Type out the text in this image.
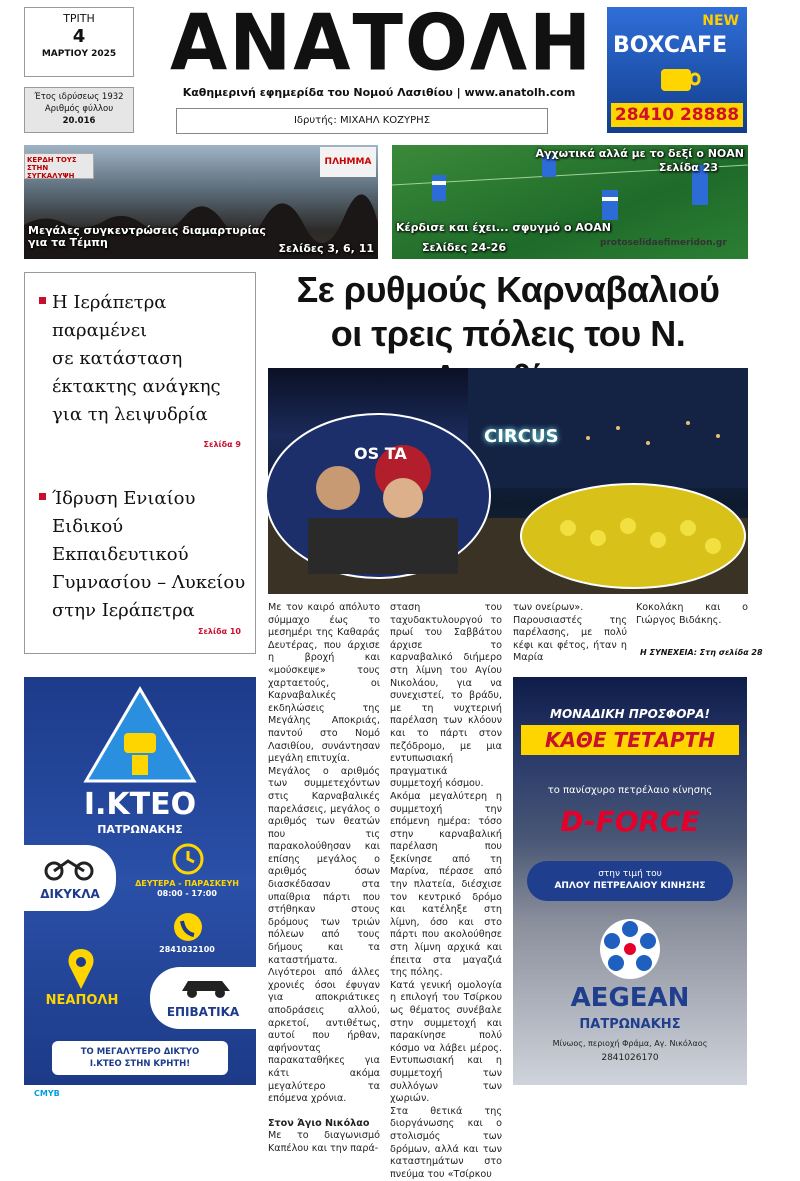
ΤΡΙΤΗ
4
ΜΑΡΤΙΟΥ 2025
Έτος ιδρύσεως 1932
Αριθμός φύλλου
20.016
ΑΝΑΤΟΛΗ
Καθημερινή εφημερίδα του Νομού Λασιθίου | www.anatolh.com
Ιδρυτής: ΜΙΧΑΗΛ ΚΟΖΥΡΗΣ
NEW
BOXCAFE
28410 28888
ΚΕΡΔΗ ΤΟΥΣ
ΣΤΗΝ ΣΥΓΚΑΛΥΨΗ
ΠΛΗΜΜΑ
Μεγάλες συγκεντρώσεις διαμαρτυρίας
για τα Τέμπη	Σελίδες 3, 6, 11
Αγχωτικά αλλά με το δεξί ο ΝΟΑΝ
Σελίδα 23
Κέρδισε και έχει... σφυγμό ο ΑΟΑΝ
Σελίδες 24-26	protoselidaefimeridon.gr
Η Ιεράπετρα
παραμένει
σε κατάσταση
έκτακτης ανάγκης
για τη λειψυδρία
Σελίδα 9
Ίδρυση Ενιαίου
Ειδικού
Εκπαιδευτικού
Γυμνασίου – Λυκείου
στην Ιεράπετρα
Σελίδα 10
Σε ρυθμούς Καρναβαλιού
οι τρεις πόλεις του Ν.
CIRCUS
OS TA
Με τον καιρό απόλυτο σύμμαχο έως το μεσημέρι της Καθαράς Δευτέρας, που άρχισε η βροχή και «μούσκεψε» τους χαρταετούς, οι Καρναβαλικές εκδηλώσεις της Μεγάλης Αποκριάς, παντού στο Νομό Λασιθίου, συνάντησαν μεγάλη επιτυχία.
Μεγάλος ο αριθμός των συμμετεχόντων στις Καρναβαλικές παρελάσεις, μεγάλος ο αριθμός των θεατών που τις παρακολούθησαν και επίσης μεγάλος ο αριθμός όσων διασκέδασαν στα υπαίθρια πάρτι που στήθηκαν στους δρόμους των τριών πόλεων από τους δήμους και τα καταστήματα.
Λιγότεροι από άλλες χρονιές όσοι έφυγαν για αποκριάτικες αποδράσεις αλλού, αρκετοί, αντιθέτως, αυτοί που ήρθαν, αφήνοντας παρακαταθήκες για κάτι ακόμα μεγαλύτερο τα επόμενα χρόνια.
Στον Άγιο Νικόλαο
Με το διαγωνισμό Καπέλου και την παρά-
σταση του ταχυδακτυλουργού το πρωί του Σαββάτου άρχισε το καρναβαλικό διήμερο στη λίμνη του Αγίου Νικολάου, για να συνεχιστεί, το βράδυ, με τη νυχτερινή παρέλαση των κλόουν και το πάρτι στον πεζόδρομο, με μια εντυπωσιακή πραγματικά συμμετοχή κόσμου.
Ακόμα μεγαλύτερη η συμμετοχή την επόμενη ημέρα: τόσο στην καρναβαλική παρέλαση που ξεκίνησε από τη Μαρίνα, πέρασε από την πλατεία, διέσχισε τον κεντρικό δρόμο και κατέληξε στη λίμνη, όσο και στο πάρτι που ακολούθησε στη λίμνη αρχικά και έπειτα στα μαγαζιά της πόλης.
Κατά γενική ομολογία η επιλογή του Τσίρκου ως θέματος συνέβαλε στην συμμετοχή και παρακίνησε πολύ κόσμο να λάβει μέρος. Εντυπωσιακή και η συμμετοχή των συλλόγων των χωριών.
Στα θετικά της διοργάνωσης και ο στολισμός των δρόμων, αλλά και των καταστημάτων στο πνεύμα του «Τσίρκου
των ονείρων».
Παρουσιαστές της παρέλασης, με πολύ κέφι και φέτος, ήταν η Μαρία
Κοκολάκη και ο Γιώργος Βιδάκης.
Η ΣΥΝΕΧΕΙΑ: Στη σελίδα 28
Ι.ΚΤΕΟ
ΠΑΤΡΩΝΑΚΗΣ
ΔΙΚΥΚΛΑ
ΔΕΥΤΕΡΑ - ΠΑΡΑΣΚΕΥΗ
08:00 - 17:00
2841032100
ΝΕΑΠΟΛΗ
ΕΠΙΒΑΤΙΚΑ
ΤΟ ΜΕΓΑΛΥΤΕΡΟ ΔΙΚΤΥΟ
Ι.ΚΤΕΟ ΣΤΗΝ ΚΡΗΤΗ!
ΜΟΝΑΔΙΚΗ ΠΡΟΣΦΟΡΑ!
ΚΑΘΕ ΤΕΤΑΡΤΗ
το πανίσχυρο πετρέλαιο κίνησης
D-FORCE
στην τιμή του
ΑΠΛΟΥ ΠΕΤΡΕΛΑΙΟΥ ΚΙΝΗΣΗΣ
AEGEAN
ΠΑΤΡΩΝΑΚΗΣ
Μίνωος, περιοχή Φράμα, Αγ. Νικόλαος
2841026170
CMYB
